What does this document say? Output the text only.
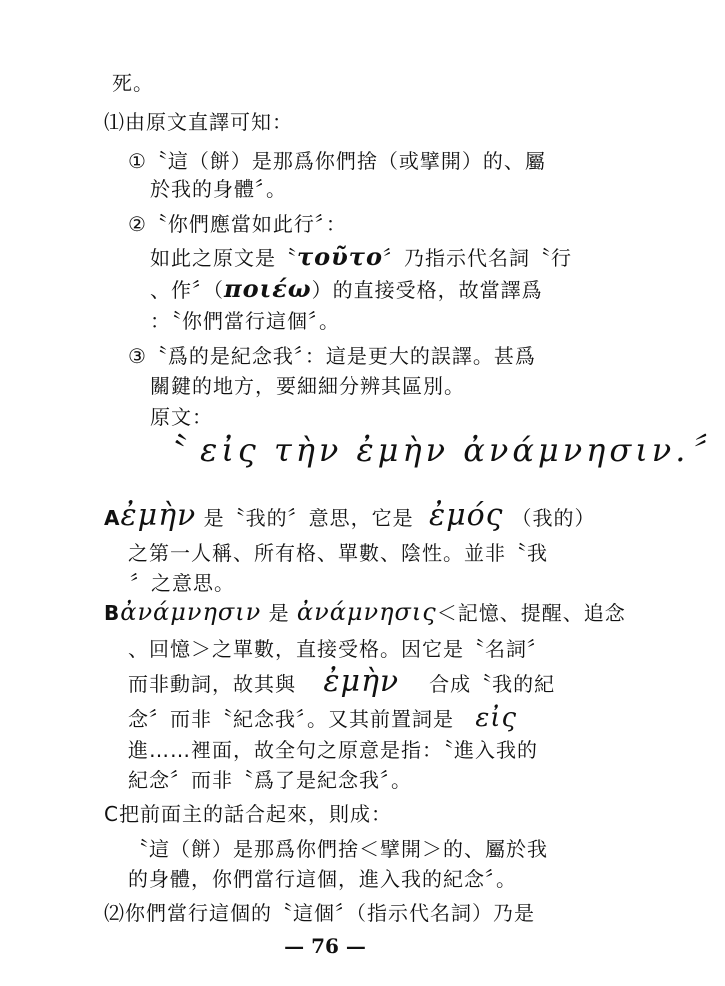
死。
⑴由原文直譯可知：
①〝這（餅）是那爲你們捨（或擘開）的、屬
於我的身體〞。
②〝你們應當如此行〞：
如此之原文是〝τοῦτο〞乃指示代名詞〝行
、作〞（ποιέω）的直接受格，故當譯爲
：〝你們當行這個〞。
③〝爲的是紀念我〞：這是更大的誤譯。甚爲
關鍵的地方，要細細分辨其區別。
原文：
〝 εἰς τὴν ἐμὴν ἀνάμνησιν.〞
Aἐμὴν 是〝我的〞意思，它是 ἐμός （我的）
之第一人稱、所有格、單數、陰性。並非〝我
〞之意思。
Bἀνάμνησιν 是 ἀνάμνησις＜記憶、提醒、追念
、回憶＞之單數，直接受格。因它是〝名詞〞
而非動詞，故其與 ἐμὴν 合成〝我的紀
念〞而非〝紀念我〞。又其前置詞是 εἰς
進……裡面，故全句之原意是指：〝進入我的
紀念〞而非〝爲了是紀念我〞。
C把前面主的話合起來，則成：
〝這（餅）是那爲你們捨＜擘開＞的、屬於我
的身體，你們當行這個，進入我的紀念〞。
⑵你們當行這個的〝這個〞（指示代名詞）乃是
— 76 —
